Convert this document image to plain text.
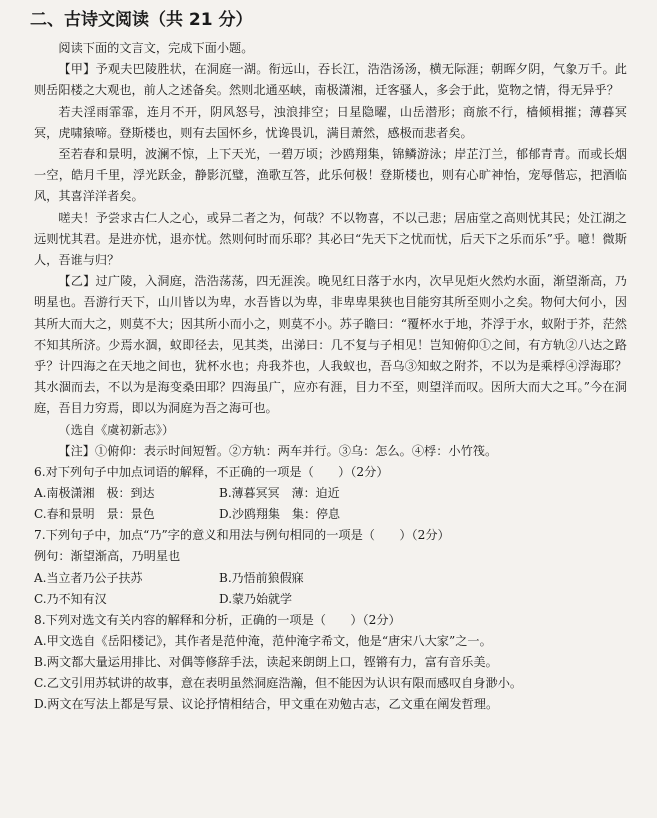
二、古诗文阅读（共 21 分）

阅读下面的文言文，完成下面小题。

【甲】予观夫巴陵胜状，在洞庭一湖。衔远山，吞长江，浩浩汤汤，横无际涯；朝晖夕阴，气象万千。此则岳阳楼之大观也，前人之述备矣。然则北通巫峡，南极潇湘，迁客骚人，多会于此，览物之情，得无异乎？

若夫淫雨霏霏，连月不开，阴风怒号，浊浪排空；日星隐曜，山岳潜形；商旅不行，樯倾楫摧；薄暮冥冥，虎啸猿啼。登斯楼也，则有去国怀乡，忧谗畏讥，满目萧然，感极而悲者矣。

至若春和景明，波澜不惊，上下天光，一碧万顷；沙鸥翔集，锦鳞游泳；岸芷汀兰，郁郁青青。而或长烟一空，皓月千里，浮光跃金，静影沉璧，渔歌互答，此乐何极！登斯楼也，则有心旷神怡，宠辱偕忘，把酒临风，其喜洋洋者矣。

嗟夫！予尝求古仁人之心，或异二者之为，何哉？不以物喜，不以己悲；居庙堂之高则忧其民；处江湖之远则忧其君。是进亦忧，退亦忧。然则何时而乐耶？其必曰“先天下之忧而忧，后天下之乐而乐”乎。噫！微斯人，吾谁与归？

【乙】过广陵，入洞庭，浩浩荡荡，四无涯涘。晚见红日落于水内，次早见炬火然灼水面，渐望渐高，乃明星也。吾游行天下，山川皆以为卑，水吾皆以为卑，非卑卑果狭也目能穷其所至则小之矣。物何大何小，因其所大而大之，则莫不大；因其所小而小之，则莫不小。苏子瞻曰：“覆杯水于地，芥浮于水，蚁附于芥，茫然不知其所济。少焉水涸，蚁即径去，见其类，出涕曰：几不复与子相见！岂知俯仰①之间，有方轨②八达之路乎？计四海之在天地之间也，犹杯水也；舟我芥也，人我蚁也，吾乌③知蚁之附芥，不以为是乘桴④浮海耶？其水涸而去，不以为是海变桑田耶？四海虽广，应亦有涯，目力不至，则望洋而叹。因所大而大之耳。”今在洞庭，吾目力穷焉，即以为洞庭为吾之海可也。

（选自《虞初新志》）

【注】①俯仰：表示时间短暂。②方轨：两车并行。③乌：怎么。④桴：小竹筏。

6.对下列句子中加点词语的解释，不正确的一项是（　　）（2分）

A.南极潇湘　极：到达	B.薄暮冥冥　薄：迫近
C.春和景明　景：景色	D.沙鸥翔集　集：停息

7.下列句子中，加点“乃”字的意义和用法与例句相同的一项是（　　）（2分）

例句：渐望渐高，乃明星也

A.当立者乃公子扶苏	B.乃悟前狼假寐
C.乃不知有汉	D.蒙乃始就学

8.下列对选文有关内容的解释和分析，正确的一项是（　　）（2分）

A.甲文选自《岳阳楼记》，其作者是范仲淹，范仲淹字希文，他是“唐宋八大家”之一。

B.两文都大量运用排比、对偶等修辞手法，读起来朗朗上口，铿锵有力，富有音乐美。

C.乙文引用苏轼讲的故事，意在表明虽然洞庭浩瀚，但不能因为认识有限而感叹自身渺小。

D.两文在写法上都是写景、议论抒情相结合，甲文重在劝勉古志，乙文重在阐发哲理。
